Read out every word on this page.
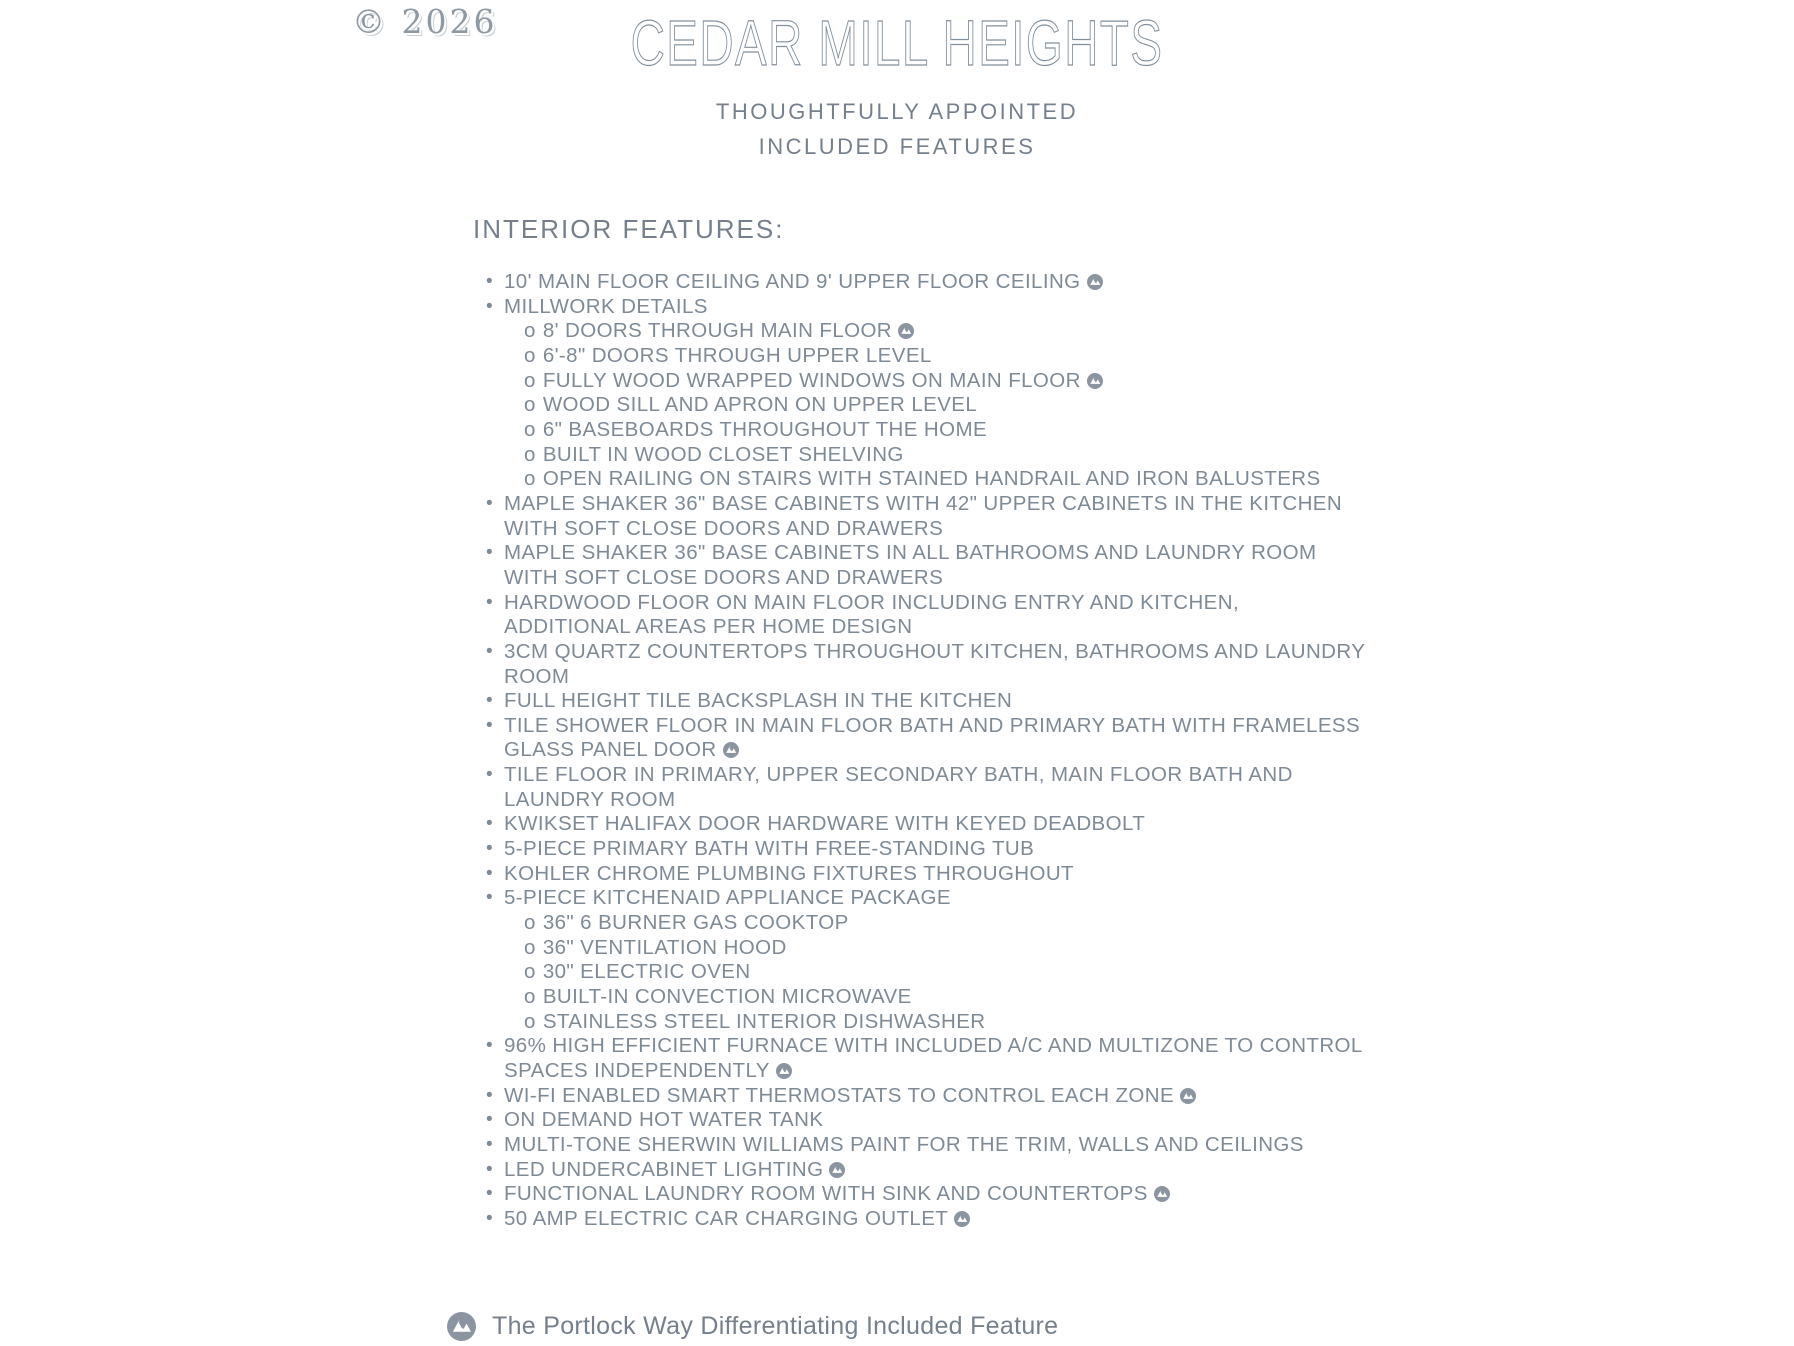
© 2026	CEDAR MILL HEIGHTS
THOUGHTFULLY APPOINTED
INCLUDED FEATURES
INTERIOR FEATURES:
• 10' MAIN FLOOR CEILING AND 9' UPPER FLOOR CEILING
• MILLWORK DETAILS
o 8' DOORS THROUGH MAIN FLOOR
o 6'-8" DOORS THROUGH UPPER LEVEL
o FULLY WOOD WRAPPED WINDOWS ON MAIN FLOOR
o WOOD SILL AND APRON ON UPPER LEVEL
o 6" BASEBOARDS THROUGHOUT THE HOME
o BUILT IN WOOD CLOSET SHELVING
o OPEN RAILING ON STAIRS WITH STAINED HANDRAIL AND IRON BALUSTERS
• MAPLE SHAKER 36" BASE CABINETS WITH 42" UPPER CABINETS IN THE KITCHEN WITH SOFT CLOSE DOORS AND DRAWERS
• MAPLE SHAKER 36" BASE CABINETS IN ALL BATHROOMS AND LAUNDRY ROOM WITH SOFT CLOSE DOORS AND DRAWERS
• HARDWOOD FLOOR ON MAIN FLOOR INCLUDING ENTRY AND KITCHEN, ADDITIONAL AREAS PER HOME DESIGN
• 3CM QUARTZ COUNTERTOPS THROUGHOUT KITCHEN, BATHROOMS AND LAUNDRY ROOM
• FULL HEIGHT TILE BACKSPLASH IN THE KITCHEN
• TILE SHOWER FLOOR IN MAIN FLOOR BATH AND PRIMARY BATH WITH FRAMELESS GLASS PANEL DOOR
• TILE FLOOR IN PRIMARY, UPPER SECONDARY BATH, MAIN FLOOR BATH AND LAUNDRY ROOM
• KWIKSET HALIFAX DOOR HARDWARE WITH KEYED DEADBOLT
• 5-PIECE PRIMARY BATH WITH FREE-STANDING TUB
• KOHLER CHROME PLUMBING FIXTURES THROUGHOUT
• 5-PIECE KITCHENAID APPLIANCE PACKAGE
o 36" 6 BURNER GAS COOKTOP
o 36" VENTILATION HOOD
o 30" ELECTRIC OVEN
o BUILT-IN CONVECTION MICROWAVE
o STAINLESS STEEL INTERIOR DISHWASHER
• 96% HIGH EFFICIENT FURNACE WITH INCLUDED A/C AND MULTIZONE TO CONTROL SPACES INDEPENDENTLY
• WI-FI ENABLED SMART THERMOSTATS TO CONTROL EACH ZONE
• ON DEMAND HOT WATER TANK
• MULTI-TONE SHERWIN WILLIAMS PAINT FOR THE TRIM, WALLS AND CEILINGS
• LED UNDERCABINET LIGHTING
• FUNCTIONAL LAUNDRY ROOM WITH SINK AND COUNTERTOPS
• 50 AMP ELECTRIC CAR CHARGING OUTLET
The Portlock Way Differentiating Included Feature
